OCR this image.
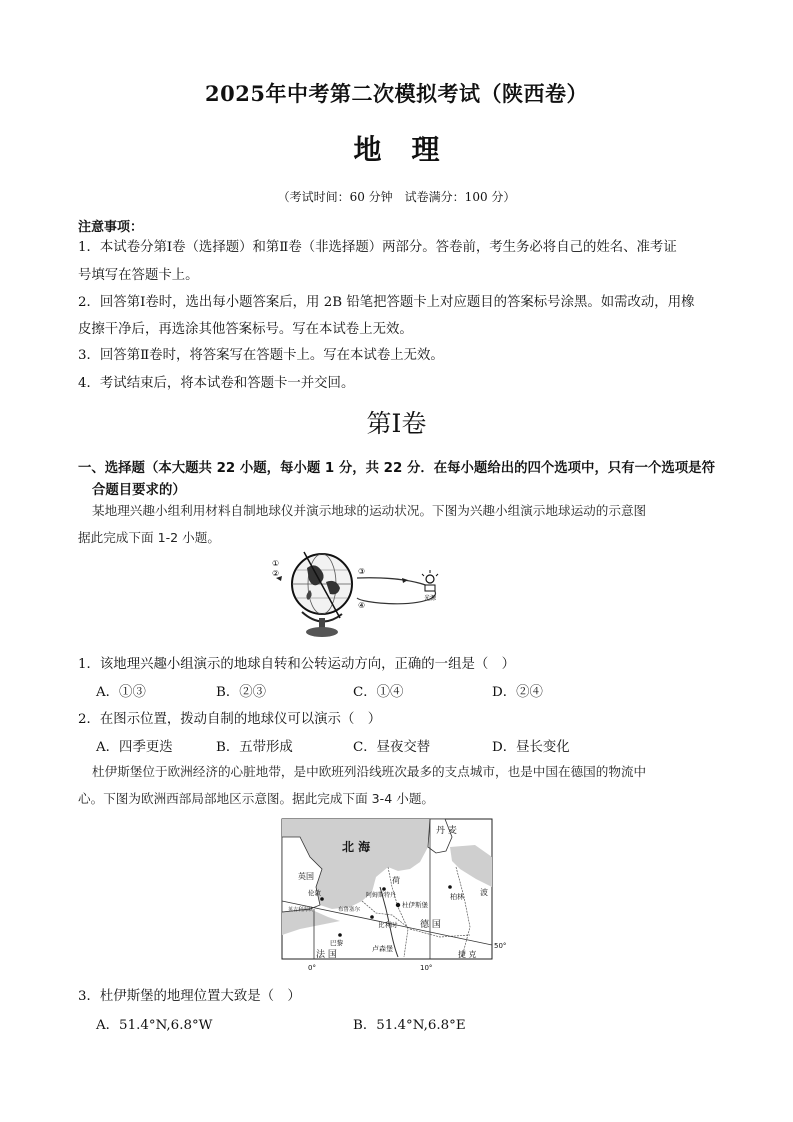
2025年中考第二次模拟考试（陕西卷）
地 理
（考试时间：60 分钟　试卷满分：100 分）
注意事项：
1．本试卷分第Ⅰ卷（选择题）和第Ⅱ卷（非选择题）两部分。答卷前，考生务必将自己的姓名、准考证
号填写在答题卡上。
2．回答第Ⅰ卷时，选出每小题答案后，用 2B 铅笔把答题卡上对应题目的答案标号涂黑。如需改动，用橡
皮擦干净后，再选涂其他答案标号。写在本试卷上无效。
3．回答第Ⅱ卷时，将答案写在答题卡上。写在本试卷上无效。
4．考试结束后，将本试卷和答题卡一并交回。
第Ⅰ卷
一、选择题（本大题共 22 小题，每小题 1 分，共 22 分．在每小题给出的四个选项中，只有一个选项是符
合题目要求的）
某地理兴趣小组利用材料自制地球仪并演示地球的运动状况。下图为兴趣小组演示地球运动的示意图
据此完成下面 1-2 小题。
①
②	③
④
光源
1．该地理兴趣小组演示的地球自转和公转运动方向，正确的一组是（　）
A．①③	B．②③	C．①④	D．②④
2．在图示位置，拨动自制的地球仪可以演示（　）
A．四季更迭	B．五带形成	C．昼夜交替	D．昼长变化
杜伊斯堡位于欧洲经济的心脏地带，是中欧班列沿线班次最多的支点城市，也是中国在德国的物流中
心。下图为欧洲西部局部地区示意图。据此完成下面 3-4 小题。
北 海
丹 麦
英国
伦敦
荷
阿姆斯特丹
杜伊斯堡
德 国
柏林 波
比利时
布鲁塞尔
英吉利海峡
巴黎
法 国
卢森堡
捷 克
50°
0°	10°
3．杜伊斯堡的地理位置大致是（　）
A．51.4°N,6.8°W	B．51.4°N,6.8°E
